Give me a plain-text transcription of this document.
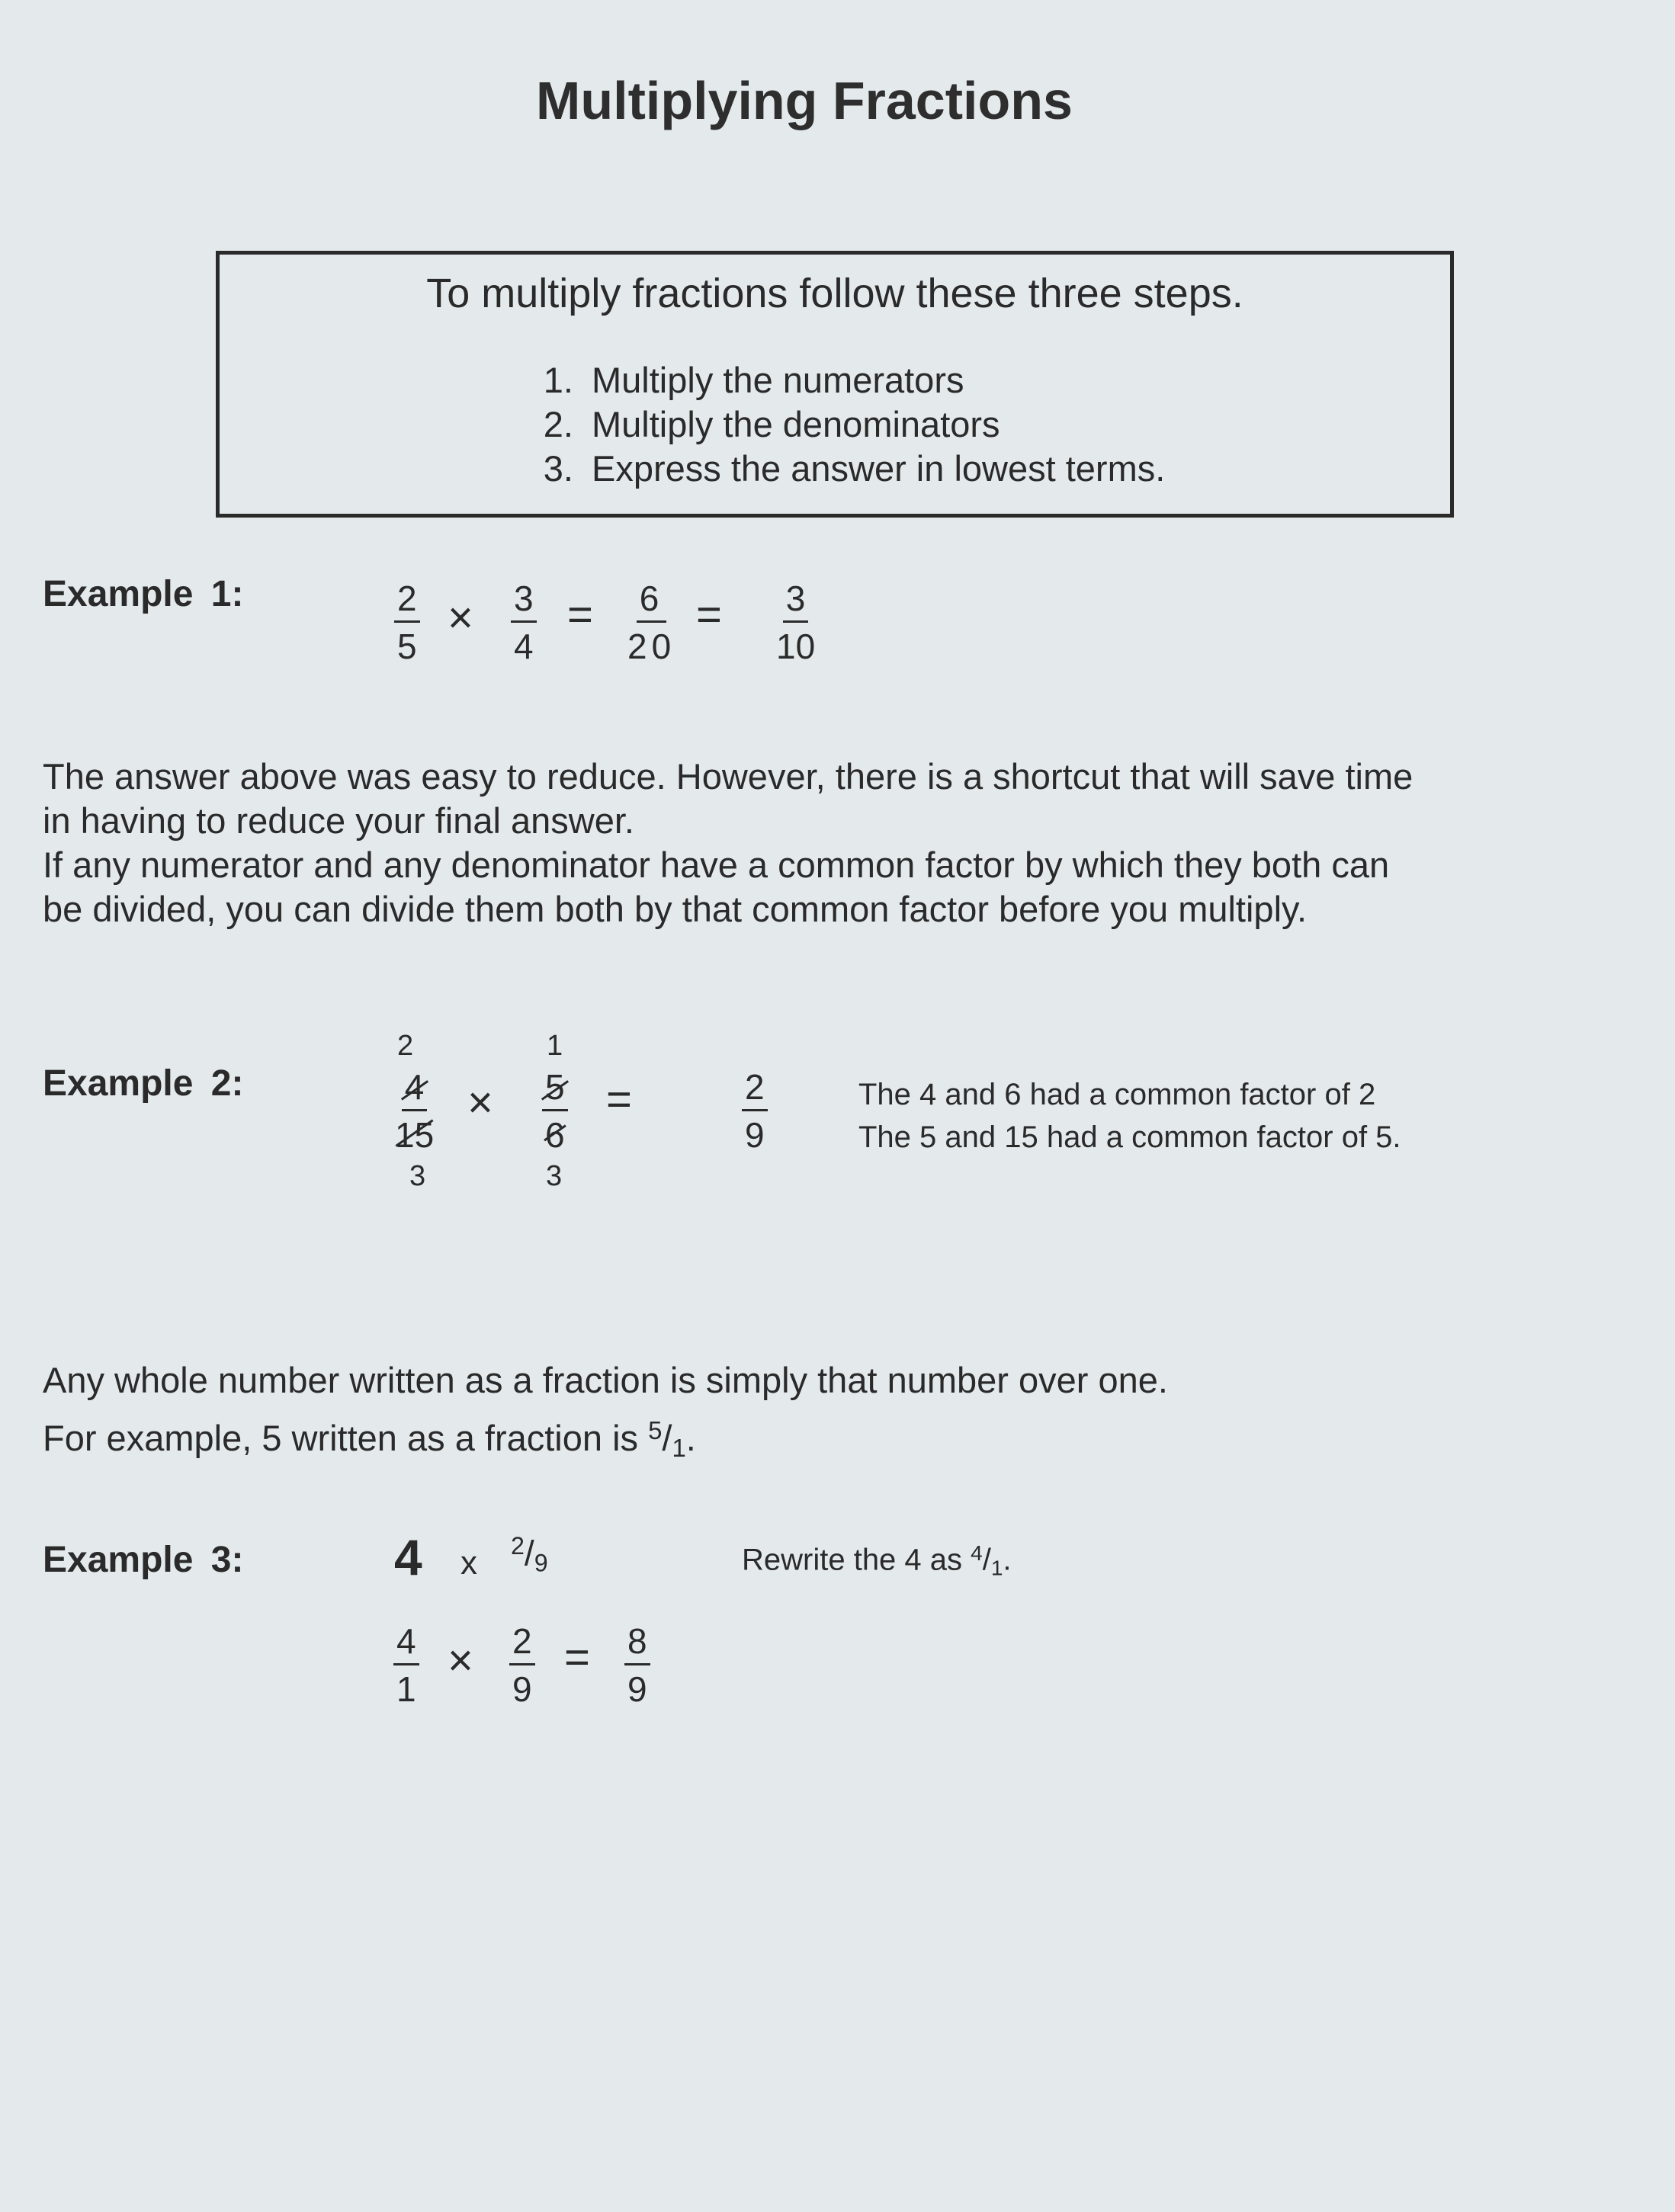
Multiplying Fractions
To multiply fractions follow these three steps.
1. Multiply the numerators
2. Multiply the denominators
3. Express the answer in lowest terms.
Example 1:	$\frac{2}{5} \times \frac{3}{4} = \frac{6}{20} = \frac{3}{10}$
The answer above was easy to reduce. However, there is a shortcut that will save time
in having to reduce your final answer.
If any numerator and any denominator have a common factor by which they both can
be divided, you can divide them both by that common factor before you multiply.
Example 2:
2
$\frac{4}{15}$
3
×
1
$\frac{5}{6}$
3
=	$\frac{2}{9}$	The 4 and 6 had a common factor of 2
The 5 and 15 had a common factor of 5.
Any whole number written as a fraction is simply that number over one.
For example, 5 written as a fraction is $^5/_1$.
Example 3:	4 x $^2/_9$	Rewrite the 4 as $^4/_1$.
$\frac{4}{1} \times \frac{2}{9} = \frac{8}{9}$
